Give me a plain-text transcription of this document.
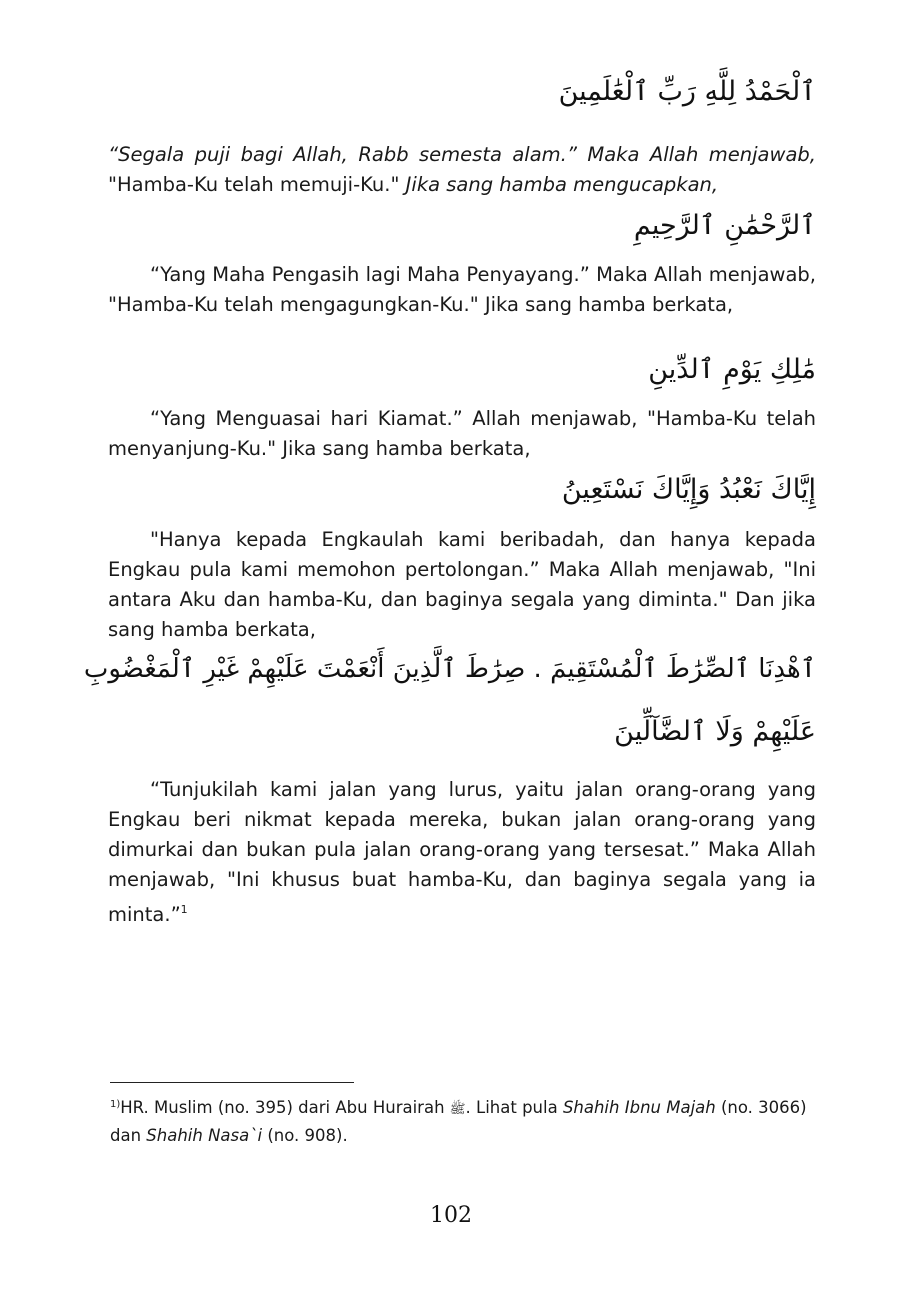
ٱلْحَمْدُ لِلَّهِ رَبِّ ٱلْعَٰلَمِينَ

“Segala puji bagi Allah, Rabb semesta alam.” Maka Allah menjawab, "Hamba-Ku telah memuji-Ku." Jika sang hamba mengucapkan,

ٱلرَّحْمَٰنِ ٱلرَّحِيمِ

“Yang Maha Pengasih lagi Maha Penyayang.” Maka Allah menjawab, "Hamba-Ku telah mengagungkan-Ku." Jika sang hamba berkata,

مَٰلِكِ يَوْمِ ٱلدِّينِ

“Yang Menguasai hari Kiamat.” Allah menjawab, "Hamba-Ku telah menyanjung-Ku." Jika sang hamba berkata,

إِيَّاكَ نَعْبُدُ وَإِيَّاكَ نَسْتَعِينُ

"Hanya kepada Engkaulah kami beribadah, dan hanya kepada Engkau pula kami memohon pertolongan.” Maka Allah menjawab, "Ini antara Aku dan hamba-Ku, dan baginya segala yang diminta." Dan jika sang hamba berkata,

ٱهْدِنَا ٱلصِّرَٰطَ ٱلْمُسْتَقِيمَ . صِرَٰطَ ٱلَّذِينَ أَنْعَمْتَ عَلَيْهِمْ غَيْرِ ٱلْمَغْضُوبِ
عَلَيْهِمْ وَلَا ٱلضَّآلِّينَ

“Tunjukilah kami jalan yang lurus, yaitu jalan orang-orang yang Engkau beri nikmat kepada mereka, bukan jalan orang-orang yang dimurkai dan bukan pula jalan orang-orang yang tersesat.” Maka Allah menjawab, "Ini khusus buat hamba-Ku, dan baginya segala yang ia minta.”$^1$

$^{1)}$HR. Muslim (no. 395) dari Abu Hurairah ﷺ. Lihat pula Shahih Ibnu Majah (no. 3066) dan Shahih Nasa`i (no. 908).

102
